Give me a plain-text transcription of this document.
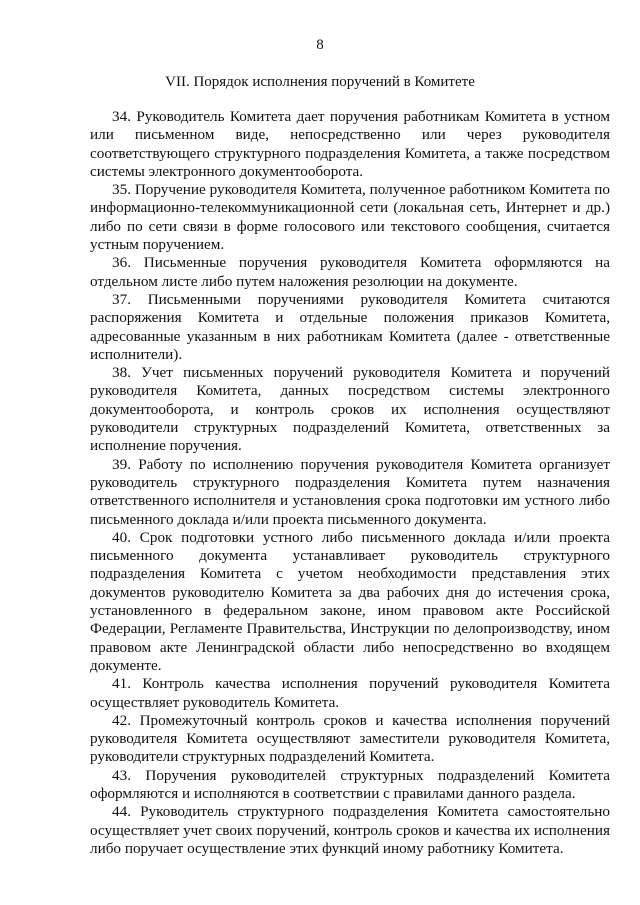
8
VII. Порядок исполнения поручений в Комитете

34. Руководитель Комитета дает поручения работникам Комитета в устном или письменном виде, непосредственно или через руководителя соответствующего структурного подразделения Комитета, а также посредством системы электронного документооборота.

35. Поручение руководителя Комитета, полученное работником Комитета по информационно-телекоммуникационной сети (локальная сеть, Интернет и др.) либо по сети связи в форме голосового или текстового сообщения, считается устным поручением.

36. Письменные поручения руководителя Комитета оформляются на отдельном листе либо путем наложения резолюции на документе.

37. Письменными поручениями руководителя Комитета считаются распоряжения Комитета и отдельные положения приказов Комитета, адресованные указанным в них работникам Комитета (далее - ответственные исполнители).

38. Учет письменных поручений руководителя Комитета и поручений руководителя Комитета, данных посредством системы электронного документооборота, и контроль сроков их исполнения осуществляют руководители структурных подразделений Комитета, ответственных за исполнение поручения.

39. Работу по исполнению поручения руководителя Комитета организует руководитель структурного подразделения Комитета путем назначения ответственного исполнителя и установления срока подготовки им устного либо письменного доклада и/или проекта письменного документа.

40. Срок подготовки устного либо письменного доклада и/или проекта письменного документа устанавливает руководитель структурного подразделения Комитета с учетом необходимости представления этих документов руководителю Комитета за два рабочих дня до истечения срока, установленного в федеральном законе, ином правовом акте Российской Федерации, Регламенте Правительства, Инструкции по делопроизводству, ином правовом акте Ленинградской области либо непосредственно во входящем документе.

41. Контроль качества исполнения поручений руководителя Комитета осуществляет руководитель Комитета.

42. Промежуточный контроль сроков и качества исполнения поручений руководителя Комитета осуществляют заместители руководителя Комитета, руководители структурных подразделений Комитета.

43. Поручения руководителей структурных подразделений Комитета оформляются и исполняются в соответствии с правилами данного раздела.

44. Руководитель структурного подразделения Комитета самостоятельно осуществляет учет своих поручений, контроль сроков и качества их исполнения либо поручает осуществление этих функций иному работнику Комитета.
